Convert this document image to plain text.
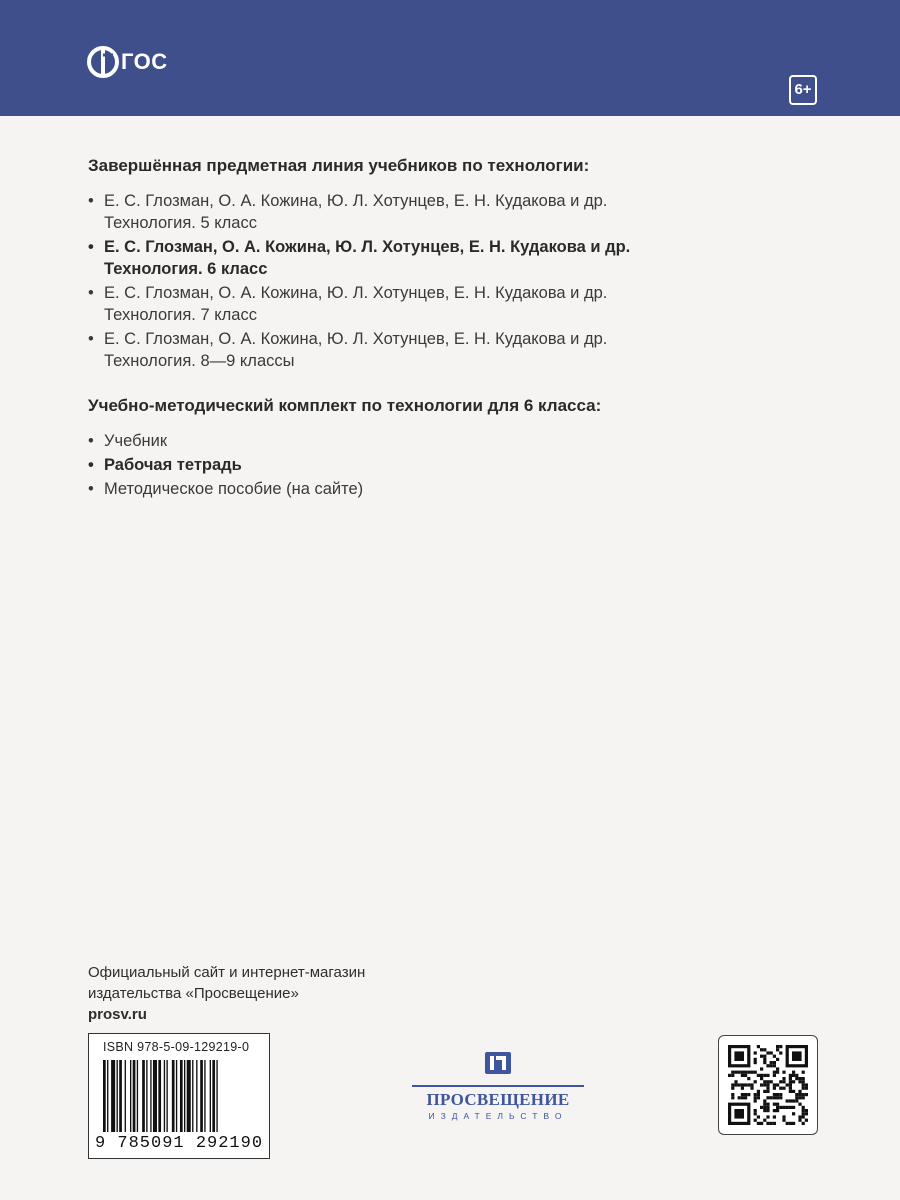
ГОС
6+

Завершённая предметная линия учебников по технологии:

• Е. С. Глозман, О. А. Кожина, Ю. Л. Хотунцев, Е. Н. Кудакова и др.
Технология. 5 класс
• Е. С. Глозман, О. А. Кожина, Ю. Л. Хотунцев, Е. Н. Кудакова и др.
Технология. 6 класс
• Е. С. Глозман, О. А. Кожина, Ю. Л. Хотунцев, Е. Н. Кудакова и др.
Технология. 7 класс
• Е. С. Глозман, О. А. Кожина, Ю. Л. Хотунцев, Е. Н. Кудакова и др.
Технология. 8—9 классы

Учебно-методический комплект по технологии для 6 класса:

• Учебник
• Рабочая тетрадь
• Методическое пособие (на сайте)
Официальный сайт и интернет-магазин
издательства «Просвещение»
prosv.ru
ISBN 978-5-09-129219-0
9 785091 292190
ПРОСВЕЩЕНИЕ
ИЗДАТЕЛЬСТВО
